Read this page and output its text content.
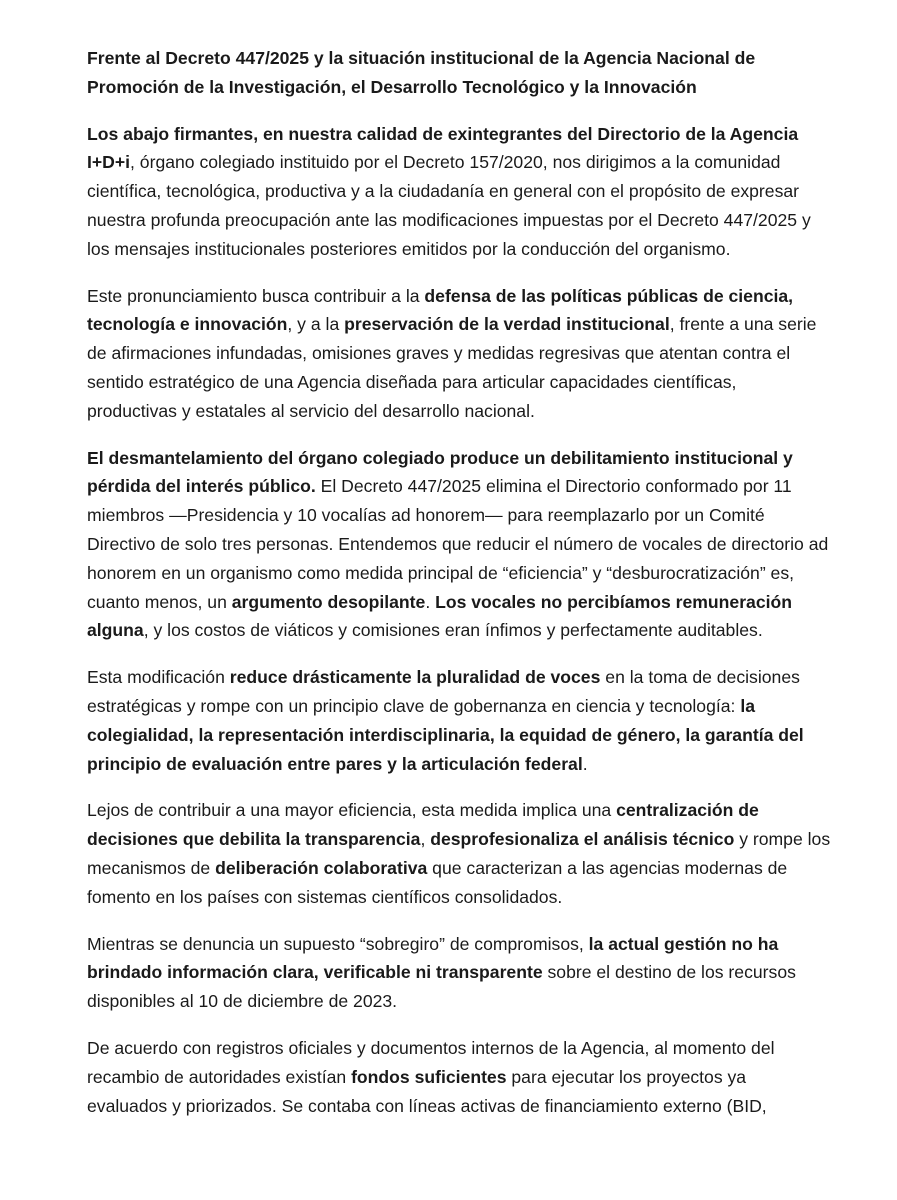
Frente al Decreto 447/2025 y la situación institucional de la Agencia Nacional de Promoción de la Investigación, el Desarrollo Tecnológico y la Innovación
Los abajo firmantes, en nuestra calidad de exintegrantes del Directorio de la Agencia I+D+i, órgano colegiado instituido por el Decreto 157/2020, nos dirigimos a la comunidad científica, tecnológica, productiva y a la ciudadanía en general con el propósito de expresar nuestra profunda preocupación ante las modificaciones impuestas por el Decreto 447/2025 y los mensajes institucionales posteriores emitidos por la conducción del organismo.
Este pronunciamiento busca contribuir a la defensa de las políticas públicas de ciencia, tecnología e innovación, y a la preservación de la verdad institucional, frente a una serie de afirmaciones infundadas, omisiones graves y medidas regresivas que atentan contra el sentido estratégico de una Agencia diseñada para articular capacidades científicas, productivas y estatales al servicio del desarrollo nacional.
El desmantelamiento del órgano colegiado produce un debilitamiento institucional y pérdida del interés público. El Decreto 447/2025 elimina el Directorio conformado por 11 miembros —Presidencia y 10 vocalías ad honorem— para reemplazarlo por un Comité Directivo de solo tres personas. Entendemos que reducir el número de vocales de directorio ad honorem en un organismo como medida principal de “eficiencia” y “desburocratización” es, cuanto menos, un argumento desopilante. Los vocales no percibíamos remuneración alguna, y los costos de viáticos y comisiones eran ínfimos y perfectamente auditables.
Esta modificación reduce drásticamente la pluralidad de voces en la toma de decisiones estratégicas y rompe con un principio clave de gobernanza en ciencia y tecnología: la colegialidad, la representación interdisciplinaria, la equidad de género, la garantía del principio de evaluación entre pares y la articulación federal.
Lejos de contribuir a una mayor eficiencia, esta medida implica una centralización de decisiones que debilita la transparencia, desprofesionaliza el análisis técnico y rompe los mecanismos de deliberación colaborativa que caracterizan a las agencias modernas de fomento en los países con sistemas científicos consolidados.
Mientras se denuncia un supuesto “sobregiro” de compromisos, la actual gestión no ha brindado información clara, verificable ni transparente sobre el destino de los recursos disponibles al 10 de diciembre de 2023.
De acuerdo con registros oficiales y documentos internos de la Agencia, al momento del recambio de autoridades existían fondos suficientes para ejecutar los proyectos ya evaluados y priorizados. Se contaba con líneas activas de financiamiento externo (BID,
